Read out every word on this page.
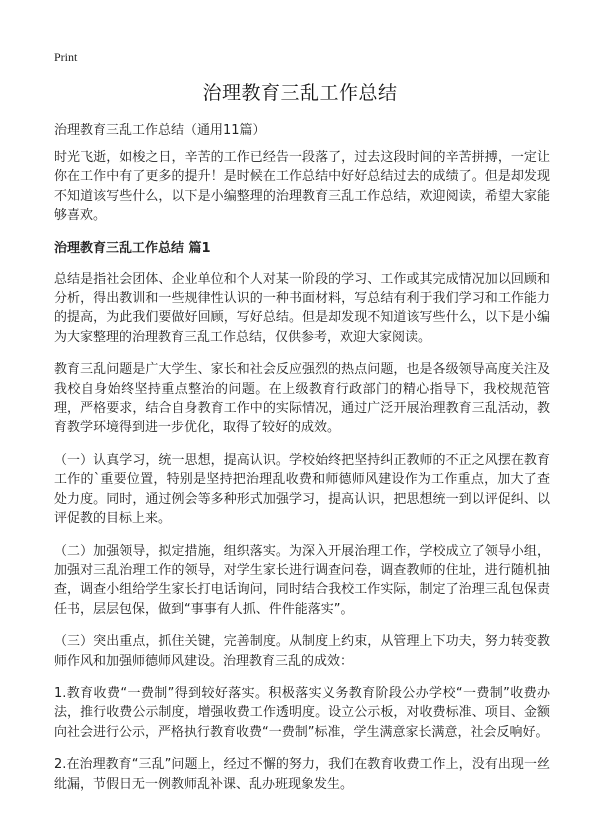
Print
治理教育三乱工作总结
治理教育三乱工作总结（通用11篇）

时光飞逝，如梭之日，辛苦的工作已经告一段落了，过去这段时间的辛苦拼搏，一定让你在工作中有了更多的提升！是时候在工作总结中好好总结过去的成绩了。但是却发现不知道该写些什么，以下是小编整理的治理教育三乱工作总结，欢迎阅读，希望大家能够喜欢。

治理教育三乱工作总结 篇1

总结是指社会团体、企业单位和个人对某一阶段的学习、工作或其完成情况加以回顾和分析，得出教训和一些规律性认识的一种书面材料，写总结有利于我们学习和工作能力的提高，为此我们要做好回顾，写好总结。但是却发现不知道该写些什么，以下是小编为大家整理的治理教育三乱工作总结，仅供参考，欢迎大家阅读。

教育三乱问题是广大学生、家长和社会反应强烈的热点问题，也是各级领导高度关注及我校自身始终坚持重点整治的问题。在上级教育行政部门的精心指导下，我校规范管理，严格要求，结合自身教育工作中的实际情况，通过广泛开展治理教育三乱活动，教育教学环境得到进一步优化，取得了较好的成效。

（一）认真学习，统一思想，提高认识。学校始终把坚持纠正教师的不正之风摆在教育工作的`重要位置，特别是坚持把治理乱收费和师德师风建设作为工作重点，加大了查处力度。同时，通过例会等多种形式加强学习，提高认识，把思想统一到以评促纠、以评促教的目标上来。

（二）加强领导，拟定措施，组织落实。为深入开展治理工作，学校成立了领导小组，加强对三乱治理工作的领导，对学生家长进行调查问卷，调查教师的住址，进行随机抽查，调查小组给学生家长打电话询问，同时结合我校工作实际，制定了治理三乱包保责任书，层层包保，做到“事事有人抓、件件能落实”。

（三）突出重点，抓住关键，完善制度。从制度上约束，从管理上下功夫，努力转变教师作风和加强师德师风建设。治理教育三乱的成效：

1.教育收费“一费制”得到较好落实。积极落实义务教育阶段公办学校“一费制”收费办法，推行收费公示制度，增强收费工作透明度。设立公示板，对收费标准、项目、金额向社会进行公示，严格执行教育收费“一费制”标准，学生满意家长满意，社会反响好。

2.在治理教育“三乱”问题上，经过不懈的努力，我们在教育收费工作上，没有出现一丝纰漏，节假日无一例教师乱补课、乱办班现象发生。
